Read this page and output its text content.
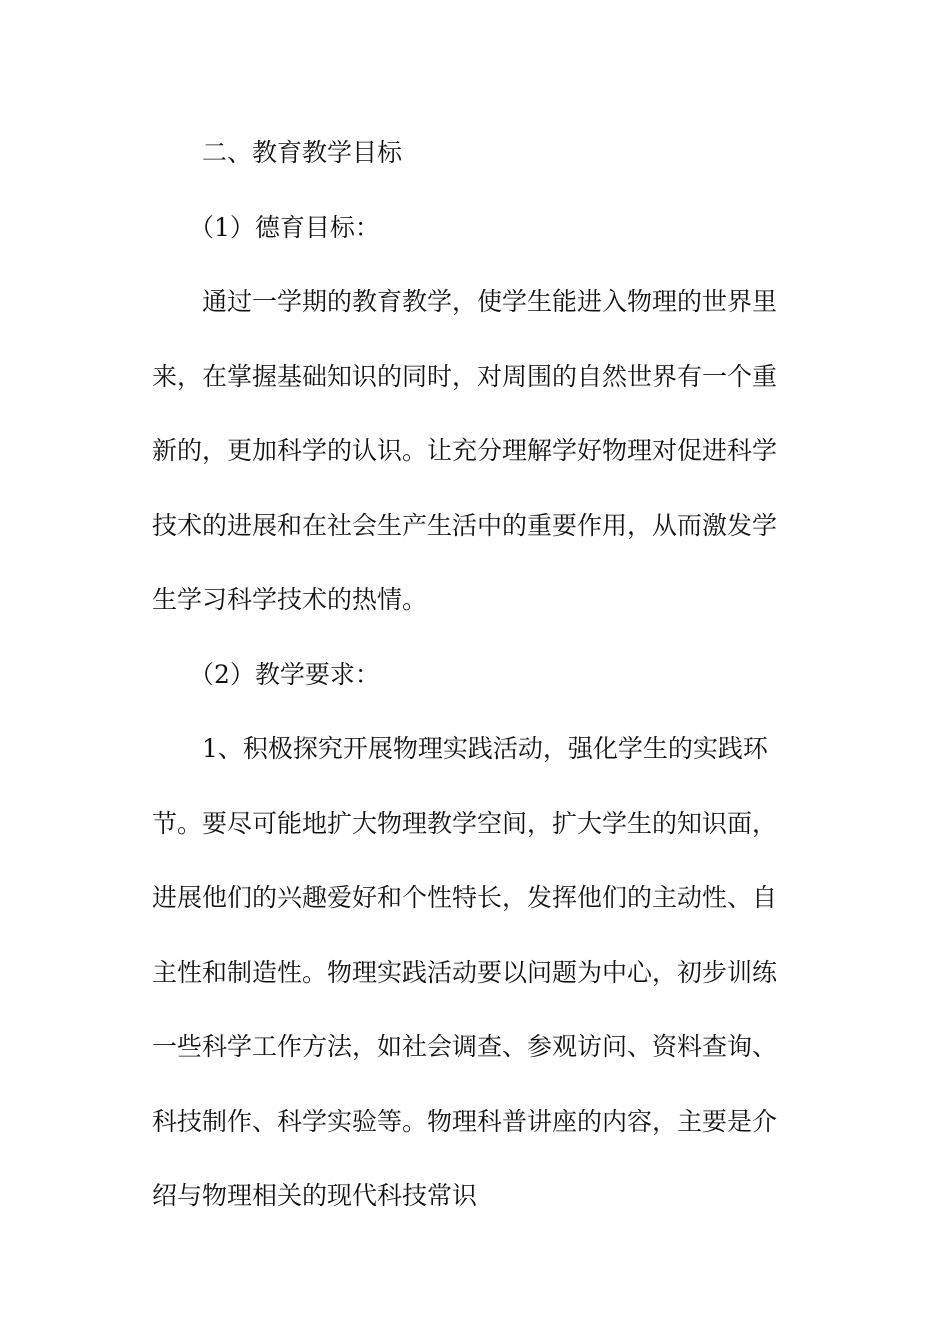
二、教育教学目标

（1）德育目标：

通过一学期的教育教学，使学生能进入物理的世界里

来，在掌握基础知识的同时，对周围的自然世界有一个重

新的，更加科学的认识。让充分理解学好物理对促进科学

技术的进展和在社会生产生活中的重要作用，从而激发学

生学习科学技术的热情。

（2）教学要求：

1、积极探究开展物理实践活动，强化学生的实践环

节。要尽可能地扩大物理教学空间，扩大学生的知识面，

进展他们的兴趣爱好和个性特长，发挥他们的主动性、自

主性和制造性。物理实践活动要以问题为中心，初步训练

一些科学工作方法，如社会调查、参观访问、资料查询、

科技制作、科学实验等。物理科普讲座的内容，主要是介

绍与物理相关的现代科技常识
